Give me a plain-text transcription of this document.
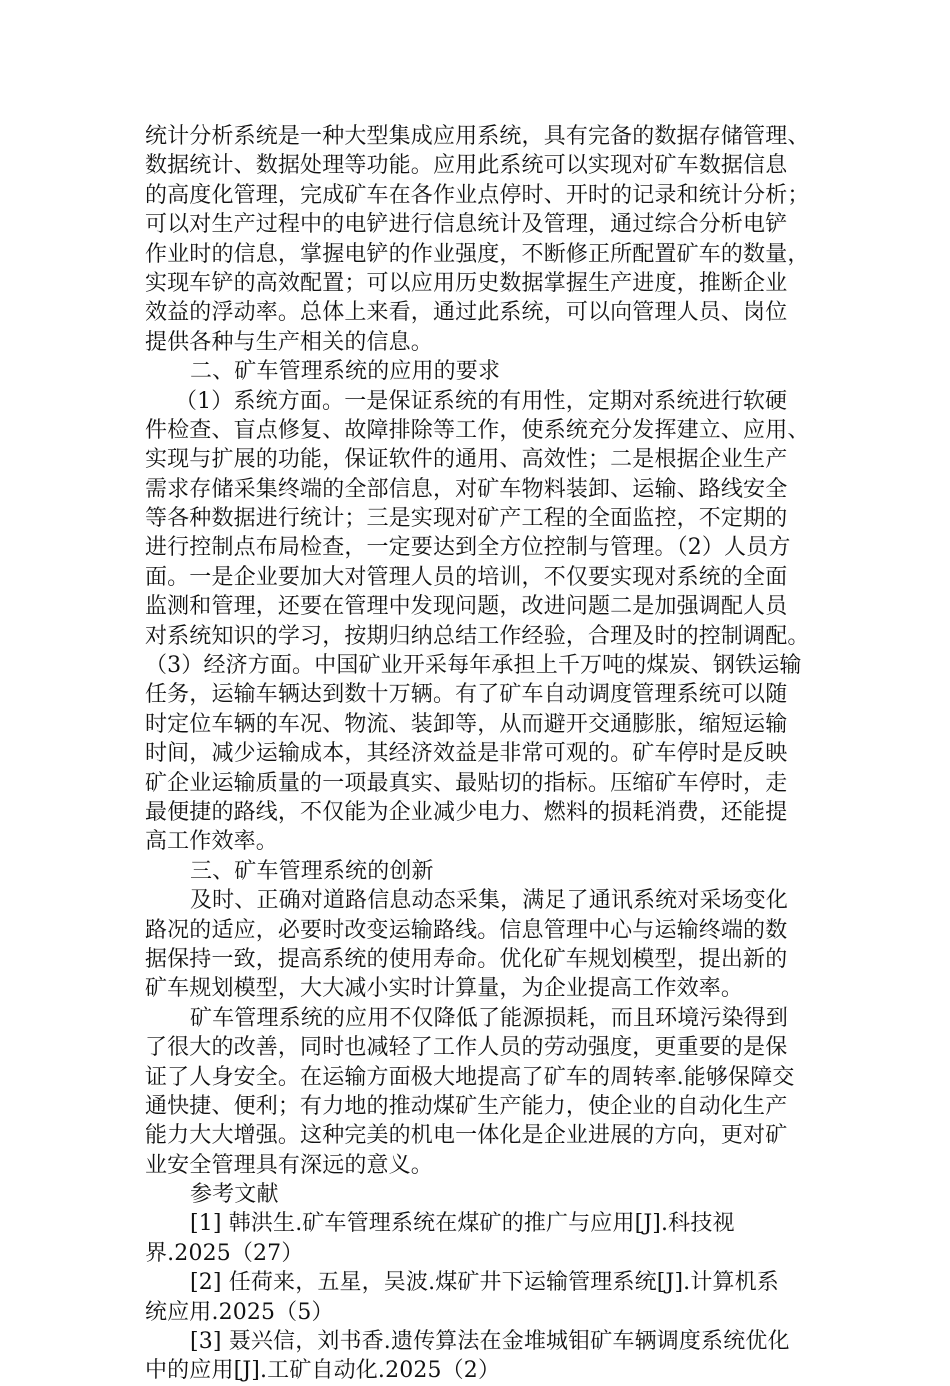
统计分析系统是一种大型集成应用系统，具有完备的数据存储管理、
数据统计、数据处理等功能。应用此系统可以实现对矿车数据信息
的高度化管理，完成矿车在各作业点停时、开时的记录和统计分析；
可以对生产过程中的电铲进行信息统计及管理，通过综合分析电铲
作业时的信息，掌握电铲的作业强度，不断修正所配置矿车的数量，
实现车铲的高效配置；可以应用历史数据掌握生产进度，推断企业
效益的浮动率。总体上来看，通过此系统，可以向管理人员、岗位
提供各种与生产相关的信息。
二、矿车管理系统的应用的要求
（1）系统方面。一是保证系统的有用性，定期对系统进行软硬
件检查、盲点修复、故障排除等工作，使系统充分发挥建立、应用、
实现与扩展的功能，保证软件的通用、高效性；二是根据企业生产
需求存储采集终端的全部信息，对矿车物料装卸、运输、路线安全
等各种数据进行统计；三是实现对矿产工程的全面监控，不定期的
进行控制点布局检查，一定要达到全方位控制与管理。（2）人员方
面。一是企业要加大对管理人员的培训，不仅要实现对系统的全面
监测和管理，还要在管理中发现问题，改进问题二是加强调配人员
对系统知识的学习，按期归纳总结工作经验，合理及时的控制调配。
（3）经济方面。中国矿业开采每年承担上千万吨的煤炭、钢铁运输
任务，运输车辆达到数十万辆。有了矿车自动调度管理系统可以随
时定位车辆的车况、物流、装卸等，从而避开交通膨胀，缩短运输
时间，减少运输成本，其经济效益是非常可观的。矿车停时是反映
矿企业运输质量的一项最真实、最贴切的指标。压缩矿车停时，走
最便捷的路线，不仅能为企业减少电力、燃料的损耗消费，还能提
高工作效率。
三、矿车管理系统的创新
及时、正确对道路信息动态采集，满足了通讯系统对采场变化
路况的适应，必要时改变运输路线。信息管理中心与运输终端的数
据保持一致，提高系统的使用寿命。优化矿车规划模型，提出新的
矿车规划模型，大大减小实时计算量，为企业提高工作效率。
矿车管理系统的应用不仅降低了能源损耗，而且环境污染得到
了很大的改善，同时也减轻了工作人员的劳动强度，更重要的是保
证了人身安全。在运输方面极大地提高了矿车的周转率.能够保障交
通快捷、便利；有力地的推动煤矿生产能力，使企业的自动化生产
能力大大增强。这种完美的机电一体化是企业进展的方向，更对矿
业安全管理具有深远的意义。
参考文献
[1] 韩洪生.矿车管理系统在煤矿的推广与应用[J].科技视
界.2025（27）
[2] 任荷来，五星，吴波.煤矿井下运输管理系统[J].计算机系
统应用.2025（5）
[3] 聂兴信，刘书香.遗传算法在金堆城钼矿车辆调度系统优化
中的应用[J].工矿自动化.2025（2）
